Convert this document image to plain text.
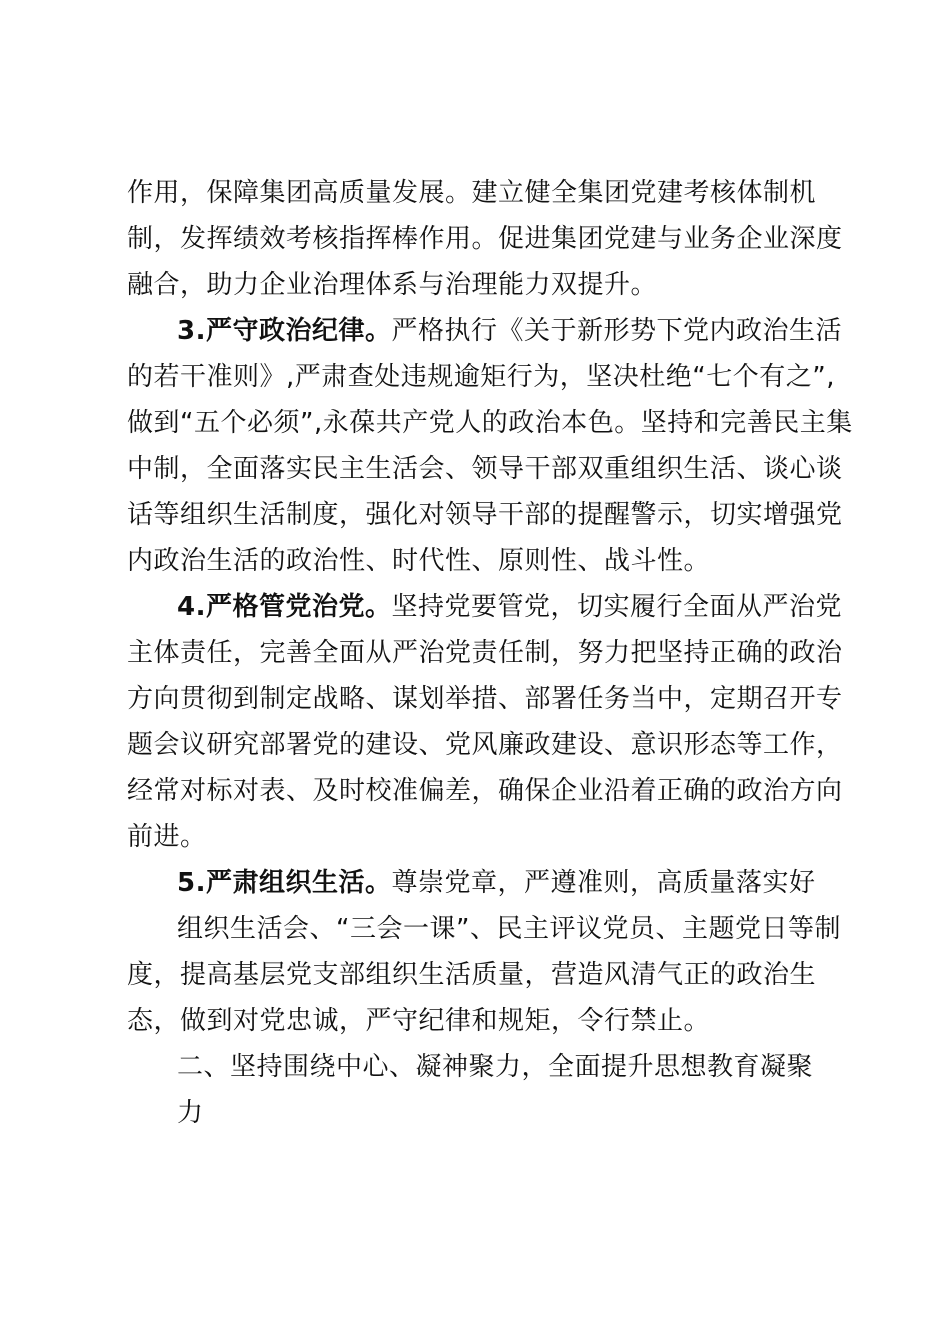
作用，保障集团高质量发展。建立健全集团党建考核体制机
制，发挥绩效考核指挥棒作用。促进集团党建与业务企业深度
融合，助力企业治理体系与治理能力双提升。
3.严守政治纪律。严格执行《关于新形势下党内政治生活
的若干准则》,严肃查处违规逾矩行为，坚决杜绝“七个有之”,
做到“五个必须”,永葆共产党人的政治本色。坚持和完善民主集
中制，全面落实民主生活会、领导干部双重组织生活、谈心谈
话等组织生活制度，强化对领导干部的提醒警示，切实增强党
内政治生活的政治性、时代性、原则性、战斗性。
4.严格管党治党。坚持党要管党，切实履行全面从严治党
主体责任，完善全面从严治党责任制，努力把坚持正确的政治
方向贯彻到制定战略、谋划举措、部署任务当中，定期召开专
题会议研究部署党的建设、党风廉政建设、意识形态等工作，
经常对标对表、及时校准偏差，确保企业沿着正确的政治方向
前进。
5.严肃组织生活。尊崇党章，严遵准则，高质量落实好
组织生活会、“三会一课”、民主评议党员、主题党日等制
度，提高基层党支部组织生活质量，营造风清气正的政治生
态，做到对党忠诚，严守纪律和规矩，令行禁止。
二、坚持围绕中心、凝神聚力，全面提升思想教育凝聚
力
